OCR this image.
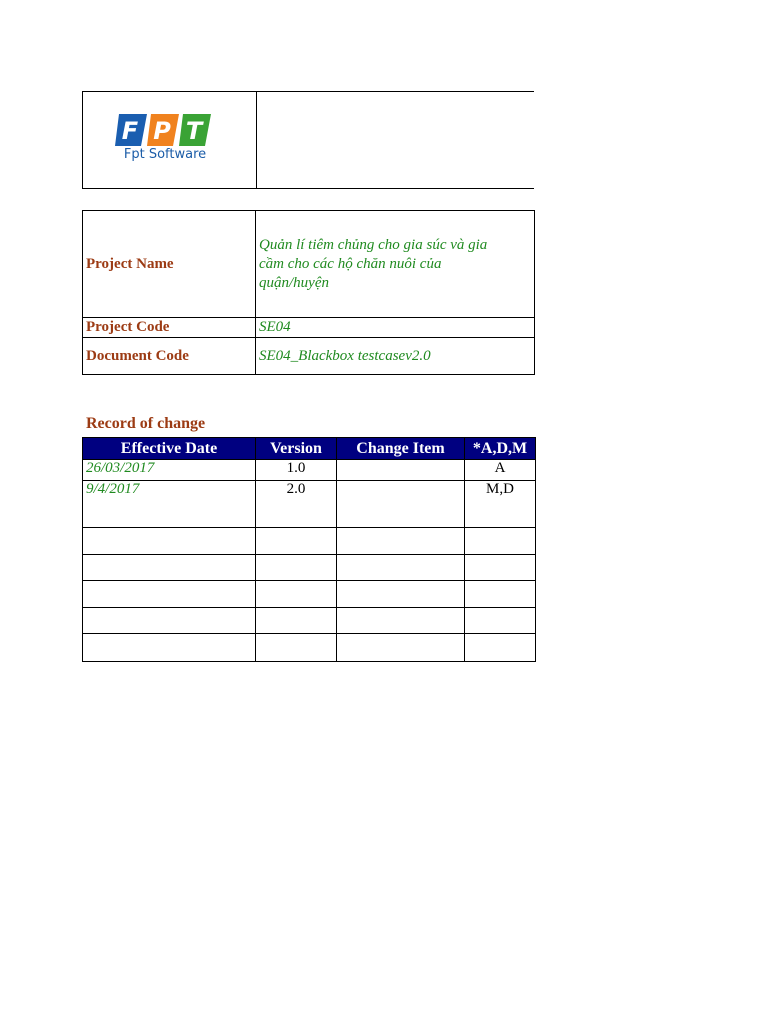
F P T
Fpt Software
Project Name	Quản lí tiêm chủng cho gia súc và gia cầm cho các hộ chăn nuôi của quận/huyện

Project Code	SE04
Document Code	SE04_Blackbox testcasev2.0
Record of change
Effective Date	Version	Change Item	*A,D,M
26/03/2017	1.0		A
9/4/2017	2.0		M,D
